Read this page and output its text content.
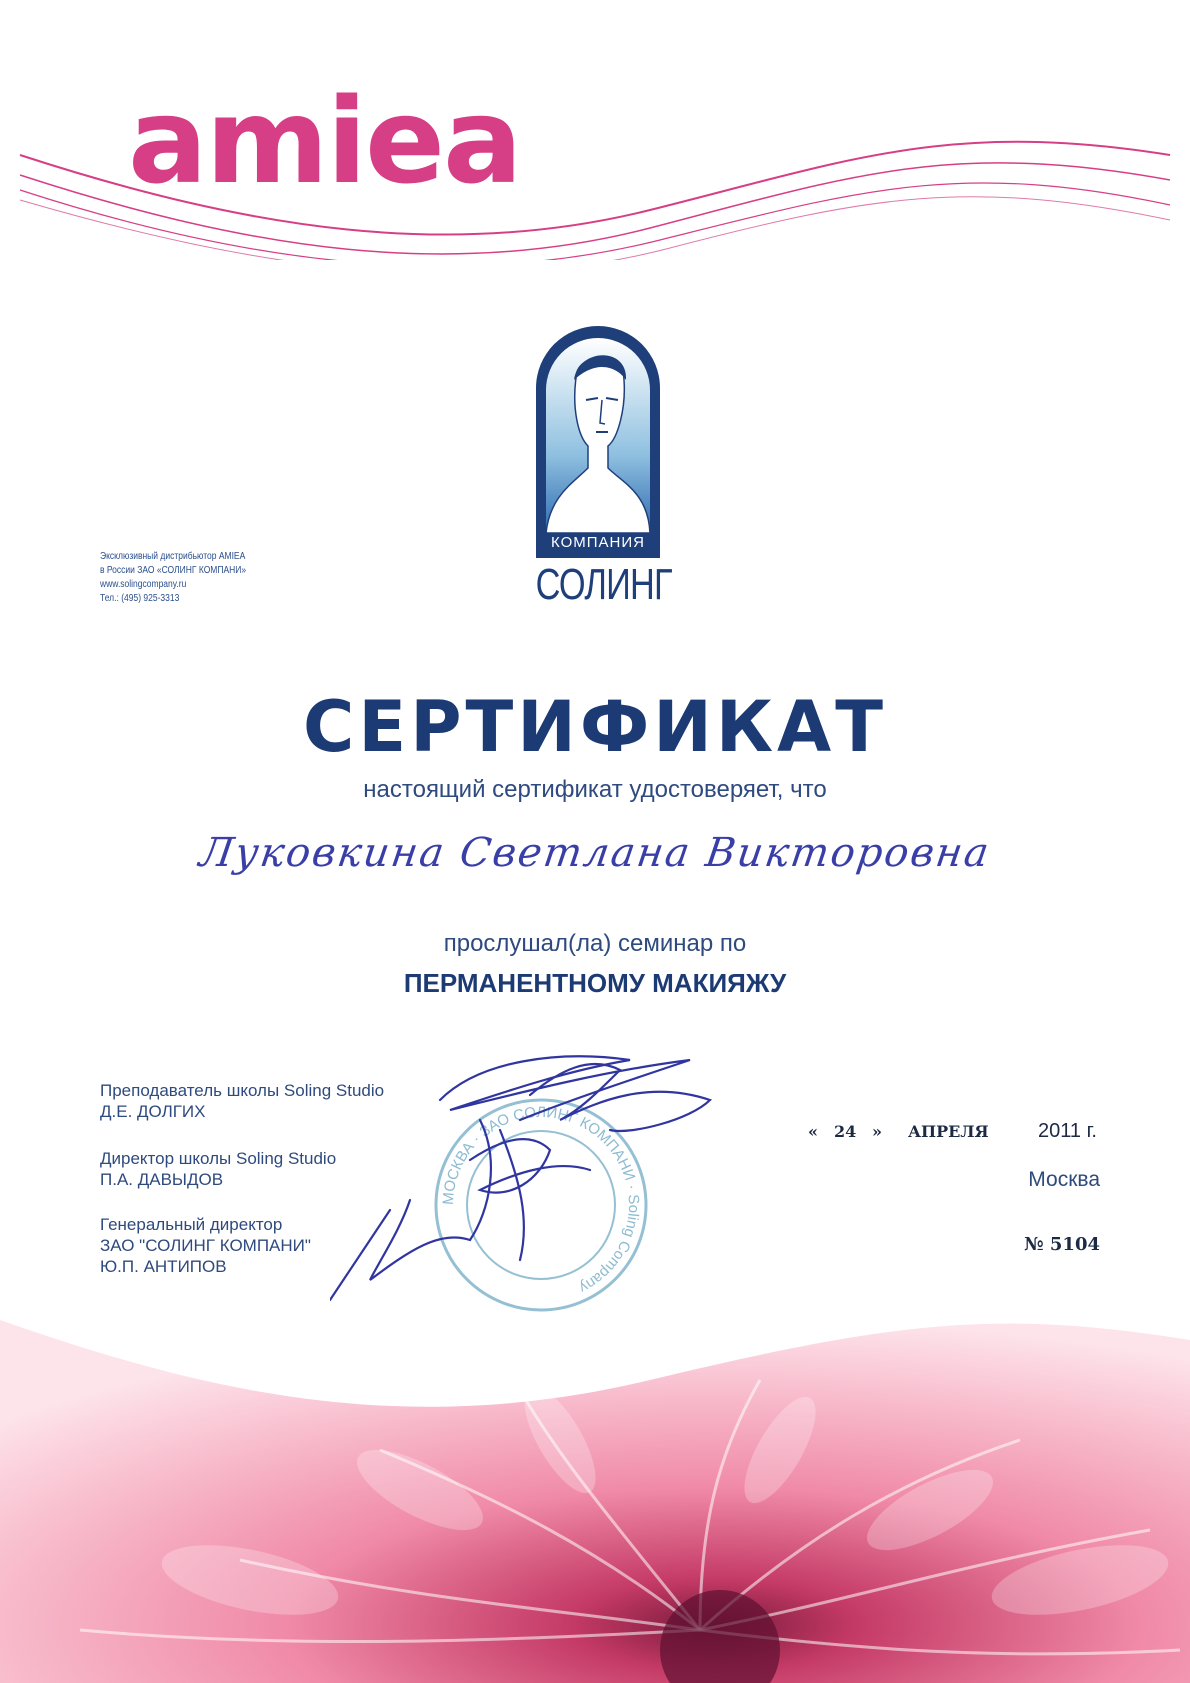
amiea
КОМПАНИЯ
СОЛИНГ
Эксклюзивный дистрибьютор AMIEA
в России ЗАО «СОЛИНГ КОМПАНИ»
www.solingcompany.ru
Тел.: (495) 925-3313
СЕРТИФИКАТ
настоящий сертификат удостоверяет, что
Луковкина Светлана Викторовна
прослушал(ла) семинар по
ПЕРМАНЕНТНОМУ МАКИЯЖУ
Преподаватель школы Soling Studio
Д.Е. ДОЛГИХ
Директор школы Soling Studio
П.А. ДАВЫДОВ
Генеральный директор
ЗАО "СОЛИНГ КОМПАНИ"
Ю.П. АНТИПОВ
МОСКВА · ЗАО СОЛИНГ КОМПАНИ · Soling Company
« 24 » АПРЕЛЯ 2011 г.
Москва
№ 5104
